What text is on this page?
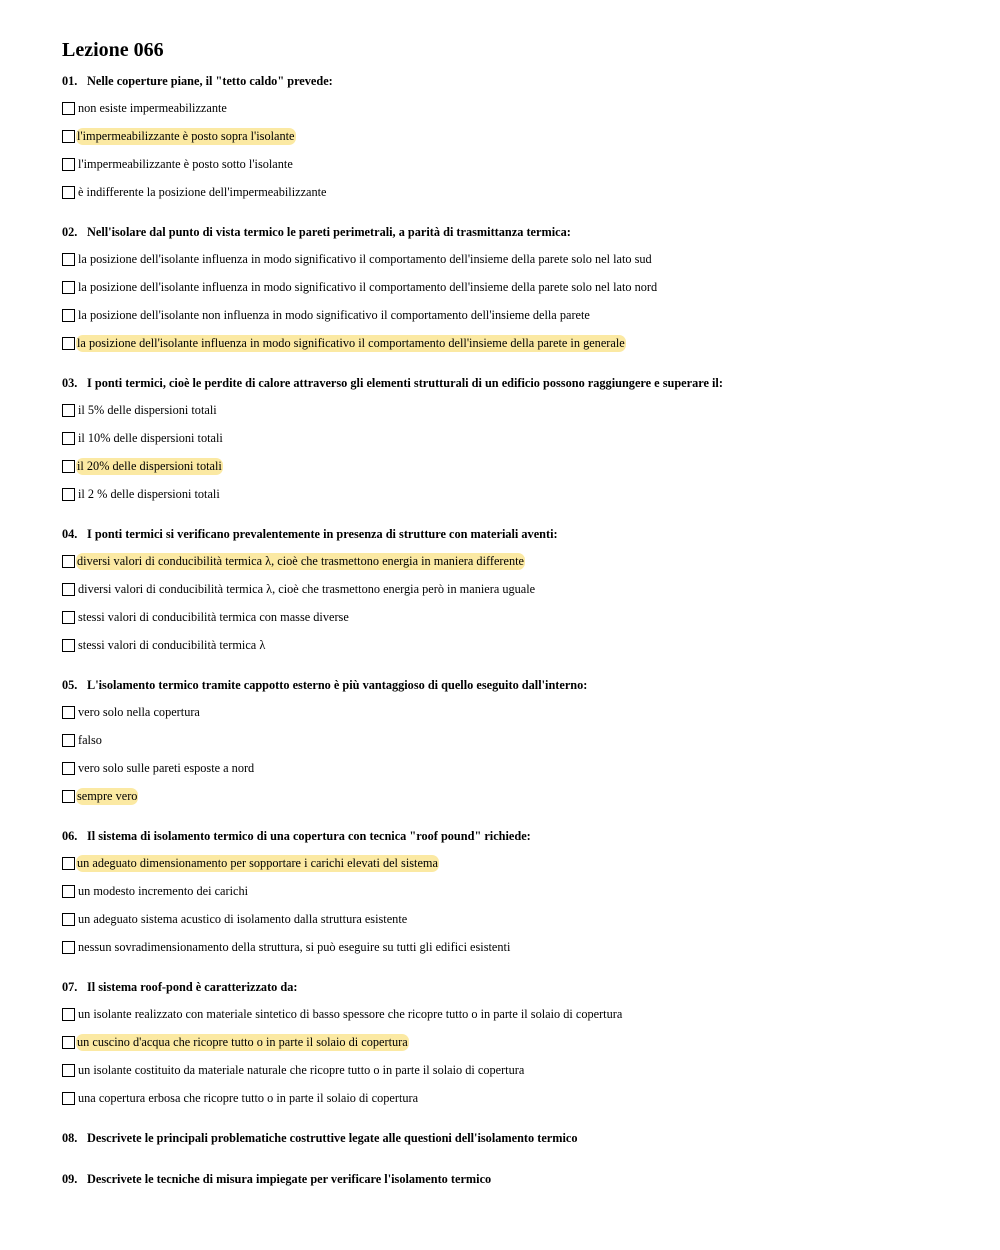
Lezione 066
01. Nelle coperture piane, il "tetto caldo" prevede:
non esiste impermeabilizzante
l'impermeabilizzante è posto sopra l'isolante
l'impermeabilizzante è posto sotto l'isolante
è indifferente la posizione dell'impermeabilizzante
02. Nell'isolare dal punto di vista termico le pareti perimetrali, a parità di trasmittanza termica:
la posizione dell'isolante influenza in modo significativo il comportamento dell'insieme della parete solo nel lato sud
la posizione dell'isolante influenza in modo significativo il comportamento dell'insieme della parete solo nel lato nord
la posizione dell'isolante non influenza in modo significativo il comportamento dell'insieme della parete
la posizione dell'isolante influenza in modo significativo il comportamento dell'insieme della parete in generale
03. I ponti termici, cioè le perdite di calore attraverso gli elementi strutturali di un edificio possono raggiungere e superare il:
il 5% delle dispersioni totali
il 10% delle dispersioni totali
il 20% delle dispersioni totali
il 2 % delle dispersioni totali
04. I ponti termici si verificano prevalentemente in presenza di strutture con materiali aventi:
diversi valori di conducibilità termica λ, cioè che trasmettono energia in maniera differente
diversi valori di conducibilità termica λ, cioè che trasmettono energia però in maniera uguale
stessi valori di conducibilità termica con masse diverse
stessi valori di conducibilità termica λ
05. L'isolamento termico tramite cappotto esterno è più vantaggioso di quello eseguito dall'interno:
vero solo nella copertura
falso
vero solo sulle pareti esposte a nord
sempre vero
06. Il sistema di isolamento termico di una copertura con tecnica "roof pound" richiede:
un adeguato dimensionamento per sopportare i carichi elevati del sistema
un modesto incremento dei carichi
un adeguato sistema acustico di isolamento dalla struttura esistente
nessun sovradimensionamento della struttura, si può eseguire su tutti gli edifici esistenti
07. Il sistema roof-pond è caratterizzato da:
un isolante realizzato con materiale sintetico di basso spessore che ricopre tutto o in parte il solaio di copertura
un cuscino d'acqua che ricopre tutto o in parte il solaio di copertura
un isolante costituito da materiale naturale che ricopre tutto o in parte il solaio di copertura
una copertura erbosa che ricopre tutto o in parte il solaio di copertura
08. Descrivete le principali problematiche costruttive legate alle questioni dell'isolamento termico
09. Descrivete le tecniche di misura impiegate per verificare l'isolamento termico
